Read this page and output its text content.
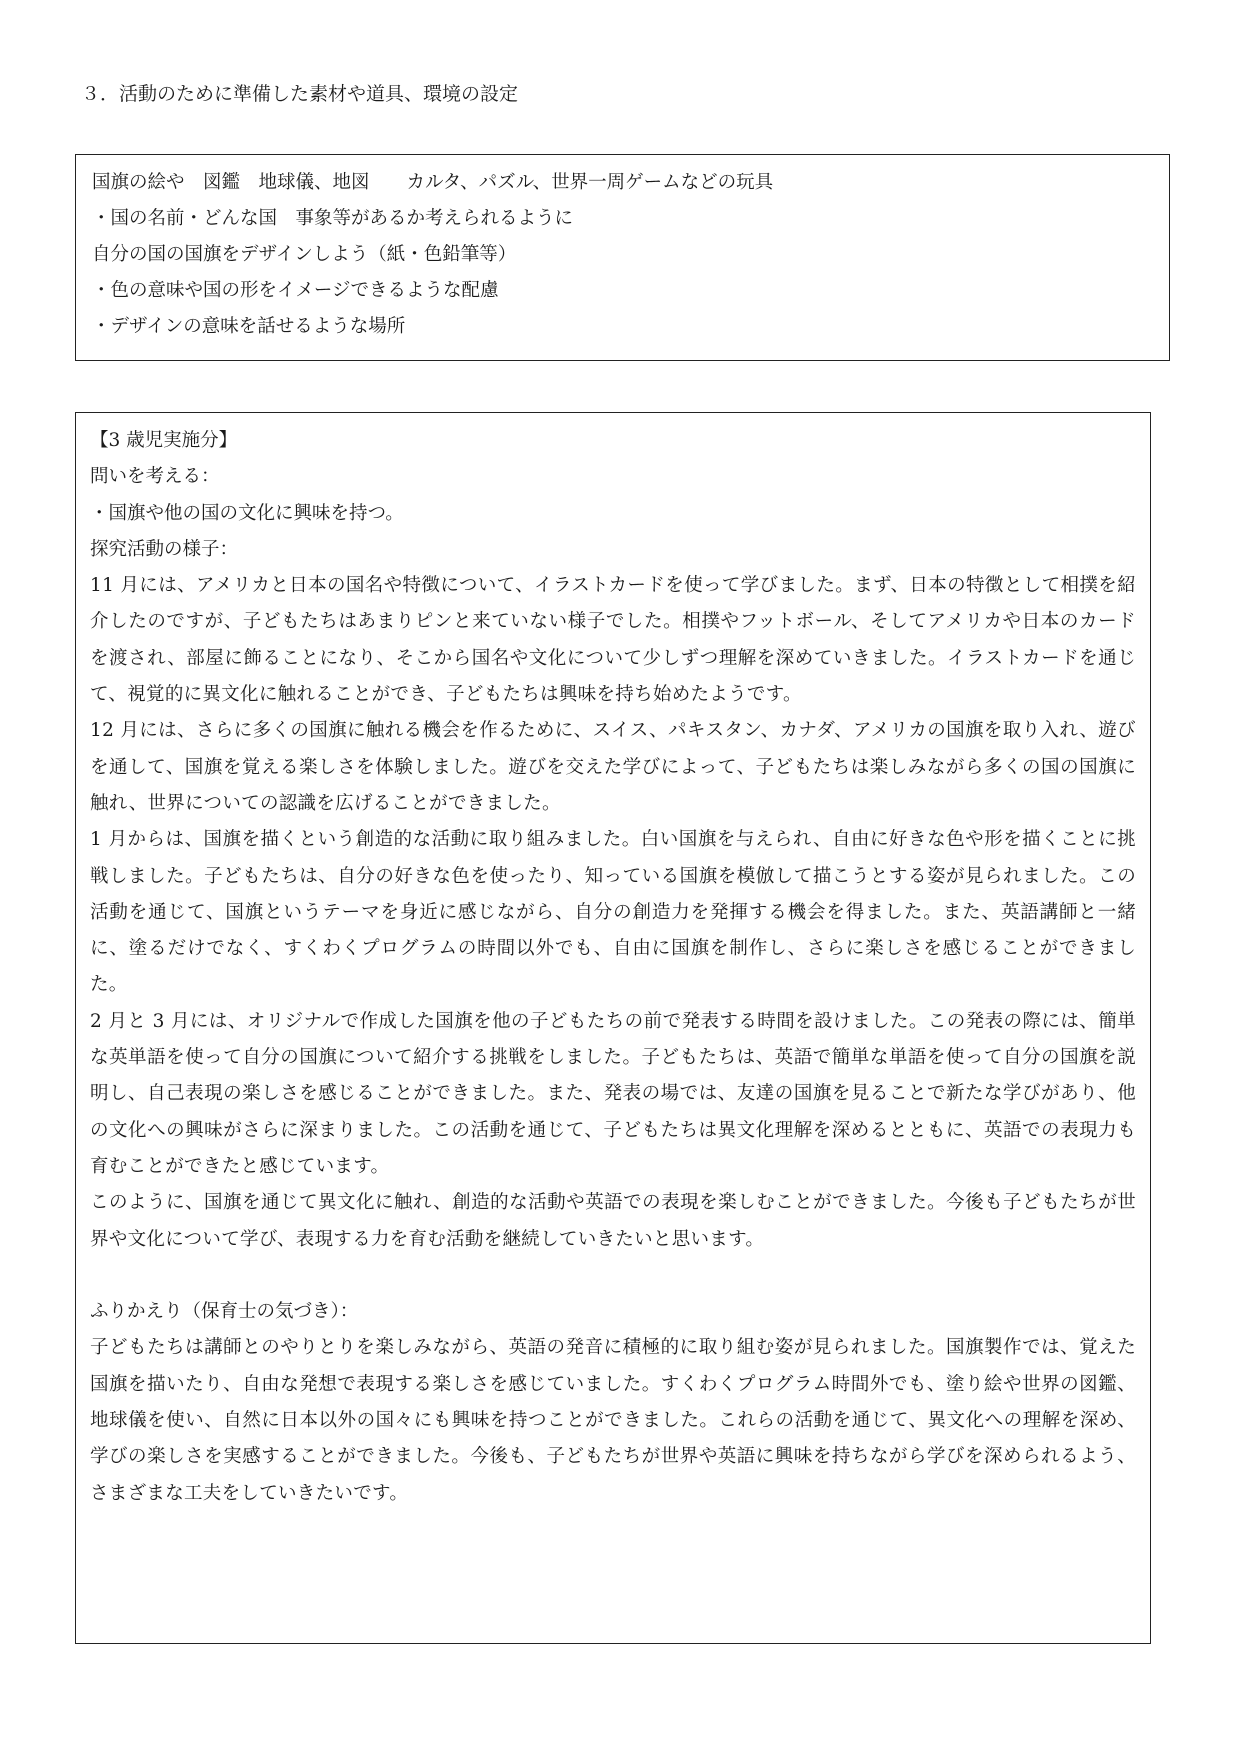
３．活動のために準備した素材や道具、環境の設定
国旗の絵や　図鑑　地球儀、地図　　カルタ、パズル、世界一周ゲームなどの玩具
・国の名前・どんな国　事象等があるか考えられるように
自分の国の国旗をデザインしよう（紙・色鉛筆等）
・色の意味や国の形をイメージできるような配慮
・デザインの意味を話せるような場所
【3 歳児実施分】
問いを考える：
・国旗や他の国の文化に興味を持つ。
探究活動の様子：
11 月には、アメリカと日本の国名や特徴について、イラストカードを使って学びました。まず、日本の特徴として相撲を紹介したのですが、子どもたちはあまりピンと来ていない様子でした。相撲やフットボール、そしてアメリカや日本のカードを渡され、部屋に飾ることになり、そこから国名や文化について少しずつ理解を深めていきました。イラストカードを通じて、視覚的に異文化に触れることができ、子どもたちは興味を持ち始めたようです。
12 月には、さらに多くの国旗に触れる機会を作るために、スイス、パキスタン、カナダ、アメリカの国旗を取り入れ、遊びを通して、国旗を覚える楽しさを体験しました。遊びを交えた学びによって、子どもたちは楽しみながら多くの国の国旗に触れ、世界についての認識を広げることができました。
1 月からは、国旗を描くという創造的な活動に取り組みました。白い国旗を与えられ、自由に好きな色や形を描くことに挑戦しました。子どもたちは、自分の好きな色を使ったり、知っている国旗を模倣して描こうとする姿が見られました。この活動を通じて、国旗というテーマを身近に感じながら、自分の創造力を発揮する機会を得ました。また、英語講師と一緒に、塗るだけでなく、すくわくプログラムの時間以外でも、自由に国旗を制作し、さらに楽しさを感じることができました。
2 月と 3 月には、オリジナルで作成した国旗を他の子どもたちの前で発表する時間を設けました。この発表の際には、簡単な英単語を使って自分の国旗について紹介する挑戦をしました。子どもたちは、英語で簡単な単語を使って自分の国旗を説明し、自己表現の楽しさを感じることができました。また、発表の場では、友達の国旗を見ることで新たな学びがあり、他の文化への興味がさらに深まりました。この活動を通じて、子どもたちは異文化理解を深めるとともに、英語での表現力も育むことができたと感じています。
このように、国旗を通じて異文化に触れ、創造的な活動や英語での表現を楽しむことができました。今後も子どもたちが世界や文化について学び、表現する力を育む活動を継続していきたいと思います。
ふりかえり（保育士の気づき）：
子どもたちは講師とのやりとりを楽しみながら、英語の発音に積極的に取り組む姿が見られました。国旗製作では、覚えた国旗を描いたり、自由な発想で表現する楽しさを感じていました。すくわくプログラム時間外でも、塗り絵や世界の図鑑、地球儀を使い、自然に日本以外の国々にも興味を持つことができました。これらの活動を通じて、異文化への理解を深め、学びの楽しさを実感することができました。今後も、子どもたちが世界や英語に興味を持ちながら学びを深められるよう、さまざまな工夫をしていきたいです。
